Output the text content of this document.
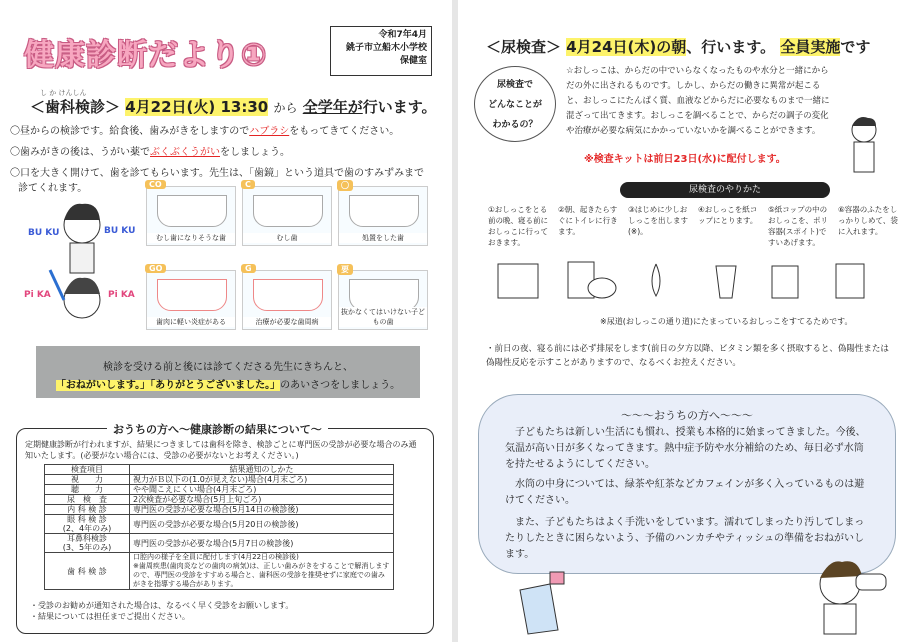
健康診断だより①
令和7年4月
銚子市立船木小学校
保健室
し か けんしん
＜歯科検診＞ 4月22日(火) 13:30 から 全学年が行います。
〇昼からの検診です。給食後、歯みがきをしますのでハブラシをもってきてください。
〇歯みがきの後は、うがい薬でぶくぶくうがいをしましょう。
〇口を大きく開けて、歯を診てもらいます。先生は、「歯鏡」という道具で歯のすみずみまで
診てくれます。	CO
むし歯になりそうな歯
C
むし歯
〇
処置をした歯
GO
歯肉に軽い炎症がある
G
治療が必要な歯周病
要
抜かなくてはいけない子どもの歯
BU KU	BU KU
Pi KA	Pi KA
検診を受ける前と後には診てくださる先生にきちんと、
「おねがいします。」「ありがとうございました。」のあいさつをしましょう。
おうちの方へ～健康診断の結果について～
定期健康診断が行われますが、結果につきましては歯科を除き、検診ごとに専門医の受診が必要な場合のみ通知いたします。(必要がない場合には、受診の必要がないとお考えください。)
検査項目	結果通知のしかた
視　　力	視力がＢ以下の(1.0が見えない)場合(4月末ごろ)
聴　　力	やや聞こえにくい場合(4月末ごろ)
尿　検　査	2次検査が必要な場合(5月上旬ごろ)
内 科 検 診	専門医の受診が必要な場合(5月14日の検診後)
眼 科 検 診
(2、4年のみ)	専門医の受診が必要な場合(5月20日の検診後)
耳鼻科検診
(3、5年のみ)	専門医の受診が必要な場合(5月7日の検診後)
歯 科 検 診	口腔内の様子を全員に配付します(4月22日の検診後)
※歯周疾患(歯肉炎などの歯肉の病気)は、正しい歯みがきをすることで解消しますので、専門医の受診をすすめる場合と、歯科医の受診を推奨せずに家庭での歯みがきを指導する場合があります。
・受診のお勧めが通知された場合は、なるべく早く受診をお願いします。
・結果については担任までご提出ください。
＜尿検査＞ 4月24日(木)の朝、行います。 全員実施です
尿検査で
どんなことが
わかるの？
☆おしっこは、からだの中でいらなくなったものや水分と一緒にからだの外に出されるものです。しかし、からだの働きに異常が起こると、おしっこにたんぱく質、血液などからだに必要なものまで一緒に混ざって出てきます。おしっこを調べることで、からだの調子の変化や治療が必要な病気にかかっていないかを調べることができます。
※検査キットは前日23日(水)に配付します。
尿検査のやりかた
①おしっこをとる前の晩、寝る前におしっこに行っておきます。
②朝、起きたらすぐにトイレに行きます。
③はじめに少しおしっこを出します(※)。
④おしっこを紙コップにとります。
⑤紙コップの中のおしっこを、ポリ容器(スポイト)ですいあげます。
⑥容器のふたをしっかりしめて、袋に入れます。
※尿道(おしっこの通り道)にたまっているおしっこをすてるためです。
・前日の夜、寝る前には必ず排尿をします(前日の夕方以降、ビタミン類を多く摂取すると、偽陽性または偽陽性反応を示すことがありますので、なるべくお控えください。
～～～おうちの方へ～～～
子どもたちは新しい生活にも慣れ、授業も本格的に始まってきました。今後、気温が高い日が多くなってきます。熱中症予防や水分補給のため、毎日必ず水筒を持たせるようにしてください。
水筒の中身については、緑茶や紅茶などカフェインが多く入っているものは避けてください。
また、子どもたちはよく手洗いをしています。濡れてしまったり汚してしまったりしたときに困らないよう、予備のハンカチやティッシュの準備をおねがいします。
